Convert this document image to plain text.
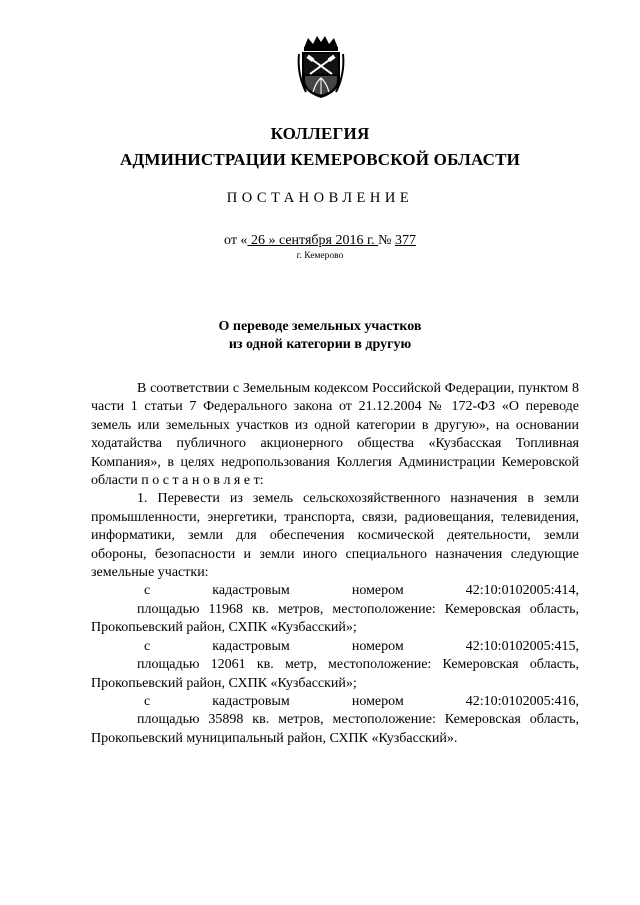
КОЛЛЕГИЯ
АДМИНИСТРАЦИИ КЕМЕРОВСКОЙ ОБЛАСТИ
ПОСТАНОВЛЕНИЕ
от « 26 » сентября 2016 г. № 377
г. Кемерово
О переводе земельных участков
из одной категории в другую

В соответствии с Земельным кодексом Российской Федерации, пунктом 8 части 1 статьи 7 Федерального закона от 21.12.2004 № 172-ФЗ «О переводе земель или земельных участков из одной категории в другую», на основании ходатайства публичного акционерного общества «Кузбасская Топливная Компания», в целях недропользования Коллегия Администрации Кемеровской области п о с т а н о в л я е т:

1. Перевести из земель сельскохозяйственного назначения в земли промышленности, энергетики, транспорта, связи, радиовещания, телевидения, информатики, земли для обеспечения космической деятельности, земли обороны, безопасности и земли иного специального назначения следующие земельные участки:

с	кадастровым	номером	42:10:0102005:414,

площадью 11968 кв. метров, местоположение: Кемеровская область, Прокопьевский район, СХПК «Кузбасский»;

с	кадастровым	номером	42:10:0102005:415,

площадью 12061 кв. метр, местоположение: Кемеровская область, Прокопьевский район, СХПК «Кузбасский»;

с	кадастровым	номером	42:10:0102005:416,

площадью 35898 кв. метров, местоположение: Кемеровская область, Прокопьевский муниципальный район, СХПК «Кузбасский».
